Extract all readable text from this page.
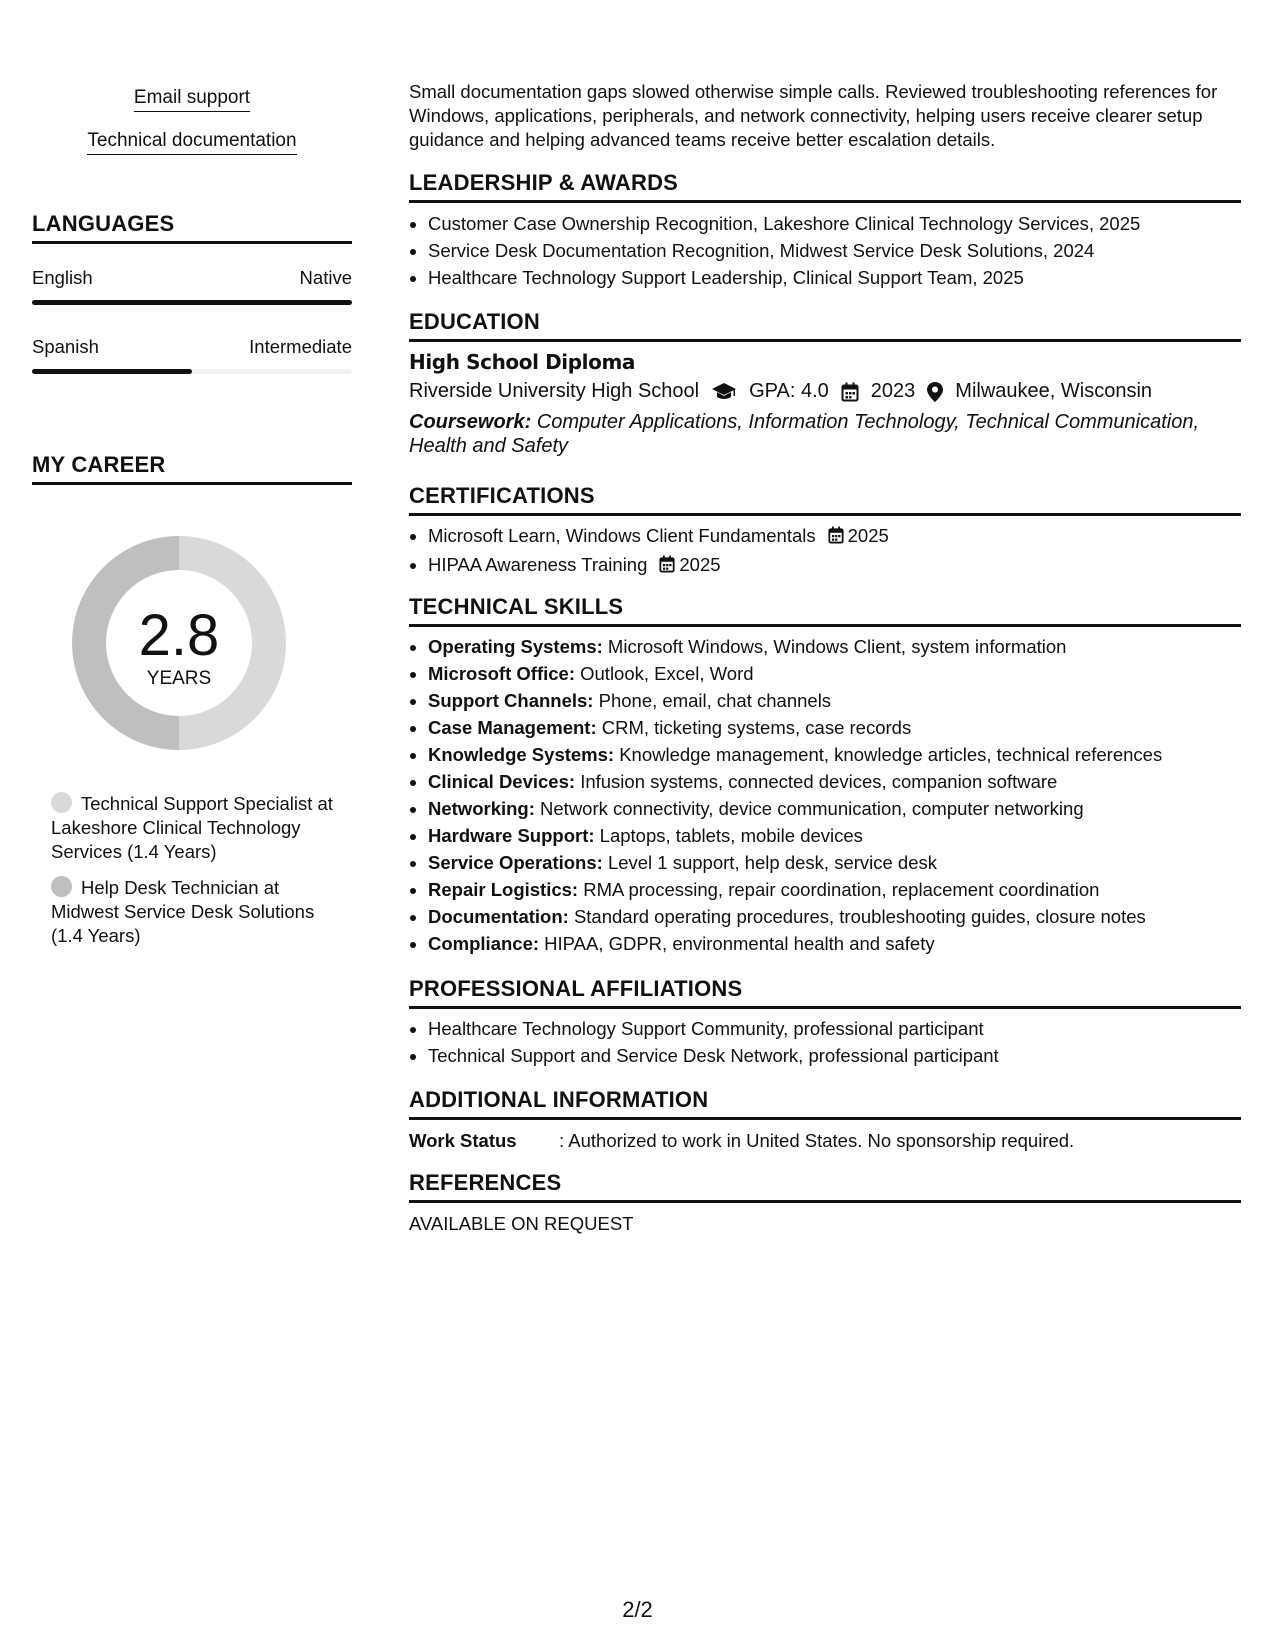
Email support
Technical documentation
LANGUAGES
English	Native
Spanish	Intermediate
MY CAREER
2.8
YEARS
Technical Support Specialist at Lakeshore Clinical Technology Services (1.4 Years)
Help Desk Technician at Midwest Service Desk Solutions (1.4 Years)
Small documentation gaps slowed otherwise simple calls. Reviewed troubleshooting references for Windows, applications, peripherals, and network connectivity, helping users receive clearer setup guidance and helping advanced teams receive better escalation details.
LEADERSHIP & AWARDS
• Customer Case Ownership Recognition, Lakeshore Clinical Technology Services, 2025
• Service Desk Documentation Recognition, Midwest Service Desk Solutions, 2024
• Healthcare Technology Support Leadership, Clinical Support Team, 2025
EDUCATION
High School Diploma
Riverside University High School	GPA: 4.0 2023 Milwaukee, Wisconsin
Coursework: Computer Applications, Information Technology, Technical Communication, Health and Safety
CERTIFICATIONS
• Microsoft Learn, Windows Client Fundamentals 2025
• HIPAA Awareness Training 2025
TECHNICAL SKILLS
• Operating Systems: Microsoft Windows, Windows Client, system information
• Microsoft Office: Outlook, Excel, Word
• Support Channels: Phone, email, chat channels
• Case Management: CRM, ticketing systems, case records
• Knowledge Systems: Knowledge management, knowledge articles, technical references
• Clinical Devices: Infusion systems, connected devices, companion software
• Networking: Network connectivity, device communication, computer networking
• Hardware Support: Laptops, tablets, mobile devices
• Service Operations: Level 1 support, help desk, service desk
• Repair Logistics: RMA processing, repair coordination, replacement coordination
• Documentation: Standard operating procedures, troubleshooting guides, closure notes
• Compliance: HIPAA, GDPR, environmental health and safety
PROFESSIONAL AFFILIATIONS
• Healthcare Technology Support Community, professional participant
• Technical Support and Service Desk Network, professional participant
ADDITIONAL INFORMATION
Work Status : Authorized to work in United States. No sponsorship required.
REFERENCES
AVAILABLE ON REQUEST
2/2
